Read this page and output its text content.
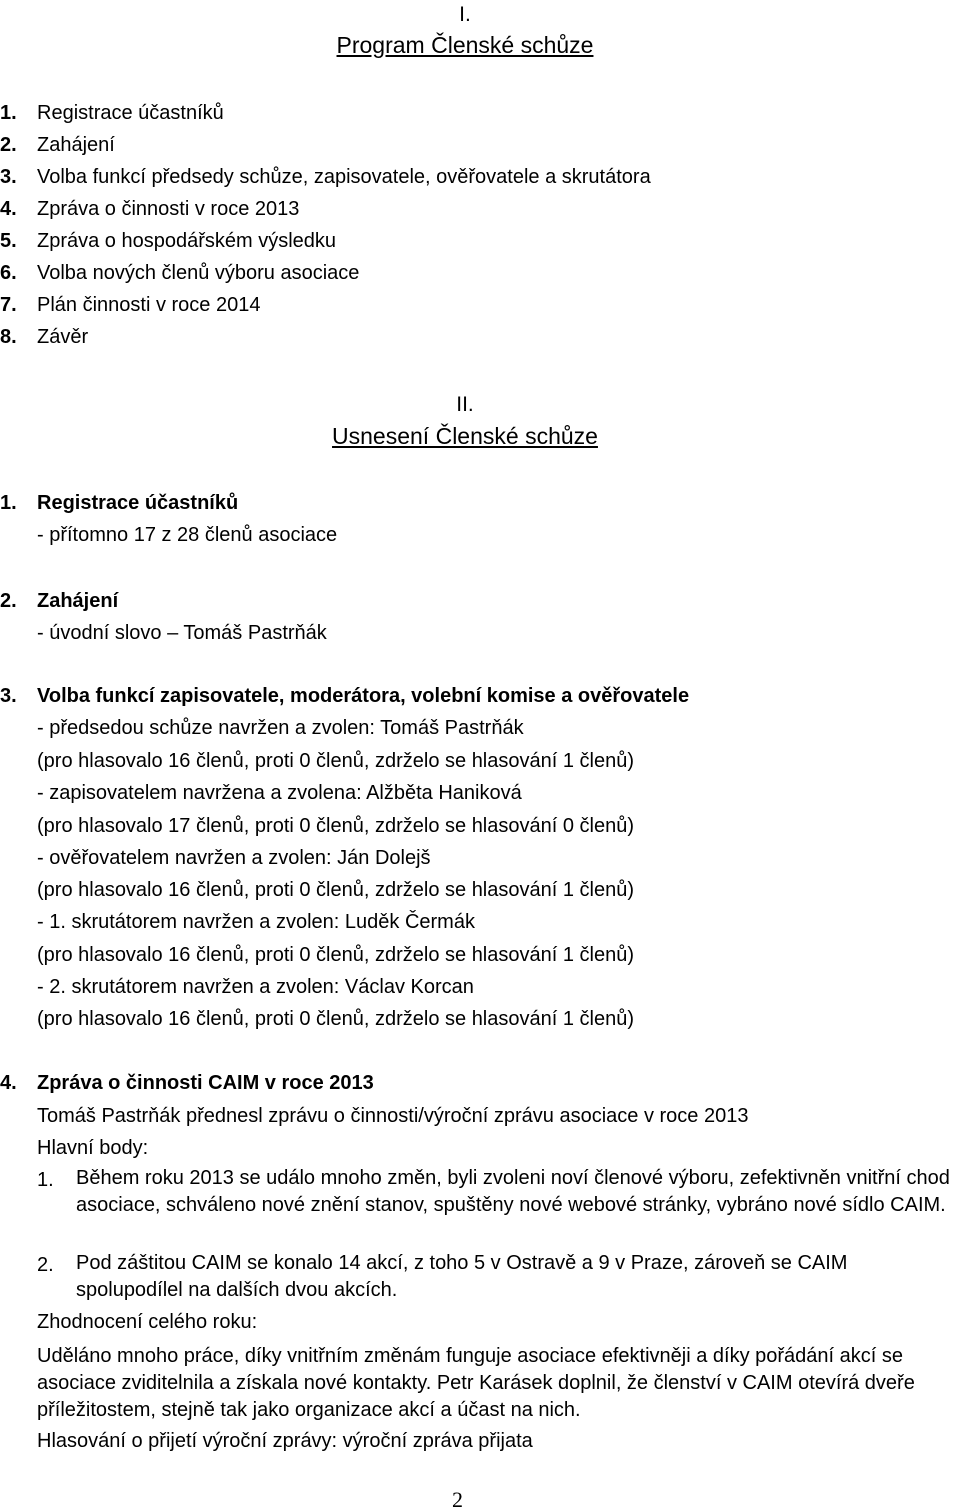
I.
Program Členské schůze
1. Registrace účastníků
2. Zahájení
3. Volba funkcí předsedy schůze, zapisovatele, ověřovatele a skrutátora
4. Zpráva o činnosti v roce 2013
5. Zpráva o hospodářském výsledku
6. Volba nových členů výboru asociace
7. Plán činnosti v roce 2014
8. Závěr
II.
Usnesení Členské schůze
1. Registrace účastníků
- přítomno 17 z 28 členů asociace
2. Zahájení
- úvodní slovo – Tomáš Pastrňák
3. Volba funkcí zapisovatele, moderátora, volební komise a ověřovatele
- předsedou schůze navržen a zvolen: Tomáš Pastrňák
(pro hlasovalo 16 členů, proti 0 členů, zdrželo se hlasování 1 členů)
- zapisovatelem navržena a zvolena: Alžběta Haniková
(pro hlasovalo 17 členů, proti 0 členů, zdrželo se hlasování 0 členů)
- ověřovatelem navržen a zvolen: Ján Dolejš
(pro hlasovalo 16 členů, proti 0 členů, zdrželo se hlasování 1 členů)
- 1. skrutátorem navržen a zvolen: Luděk Čermák
(pro hlasovalo 16 členů, proti 0 členů, zdrželo se hlasování 1 členů)
- 2. skrutátorem navržen a zvolen: Václav Korcan
(pro hlasovalo 16 členů, proti 0 členů, zdrželo se hlasování 1 členů)
4. Zpráva o činnosti CAIM v roce 2013
Tomáš Pastrňák přednesl zprávu o činnosti/výroční zprávu asociace v roce 2013
Hlavní body:
1. Během roku 2013 se událo mnoho změn, byli zvoleni noví členové výboru, zefektivněn vnitřní chod asociace, schváleno nové znění stanov, spuštěny nové webové stránky, vybráno nové sídlo CAIM.
2. Pod záštitou CAIM se konalo 14 akcí, z toho 5 v Ostravě a 9 v Praze, zároveň se CAIM spolupodílel na dalších dvou akcích.
Zhodnocení celého roku:
Uděláno mnoho práce, díky vnitřním změnám funguje asociace efektivněji a díky pořádání akcí se asociace zviditelnila a získala nové kontakty. Petr Karásek doplnil, že členství v CAIM otevírá dveře příležitostem, stejně tak jako organizace akcí a účast na nich.
Hlasování o přijetí výroční zprávy: výroční zpráva přijata
2
